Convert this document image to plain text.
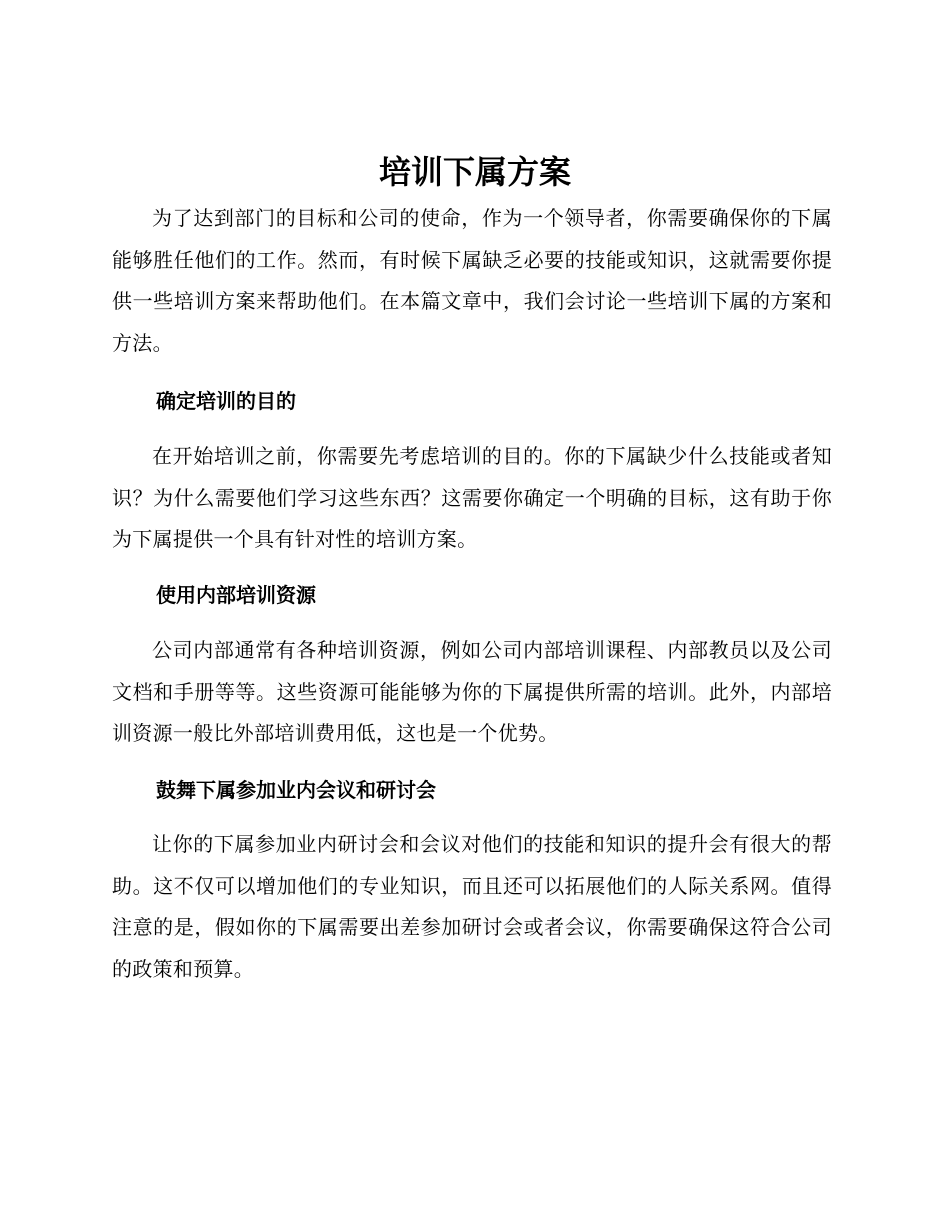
培训下属方案

为了达到部门的目标和公司的使命，作为一个领导者，你需要确保你的下属能够胜任他们的工作。然而，有时候下属缺乏必要的技能或知识，这就需要你提供一些培训方案来帮助他们。在本篇文章中，我们会讨论一些培训下属的方案和方法。

确定培训的目的

在开始培训之前，你需要先考虑培训的目的。你的下属缺少什么技能或者知识？为什么需要他们学习这些东西？这需要你确定一个明确的目标，这有助于你为下属提供一个具有针对性的培训方案。

使用内部培训资源

公司内部通常有各种培训资源，例如公司内部培训课程、内部教员以及公司文档和手册等等。这些资源可能能够为你的下属提供所需的培训。此外，内部培训资源一般比外部培训费用低，这也是一个优势。

鼓舞下属参加业内会议和研讨会

让你的下属参加业内研讨会和会议对他们的技能和知识的提升会有很大的帮助。这不仅可以增加他们的专业知识，而且还可以拓展他们的人际关系网。值得注意的是，假如你的下属需要出差参加研讨会或者会议，你需要确保这符合公司的政策和预算。
